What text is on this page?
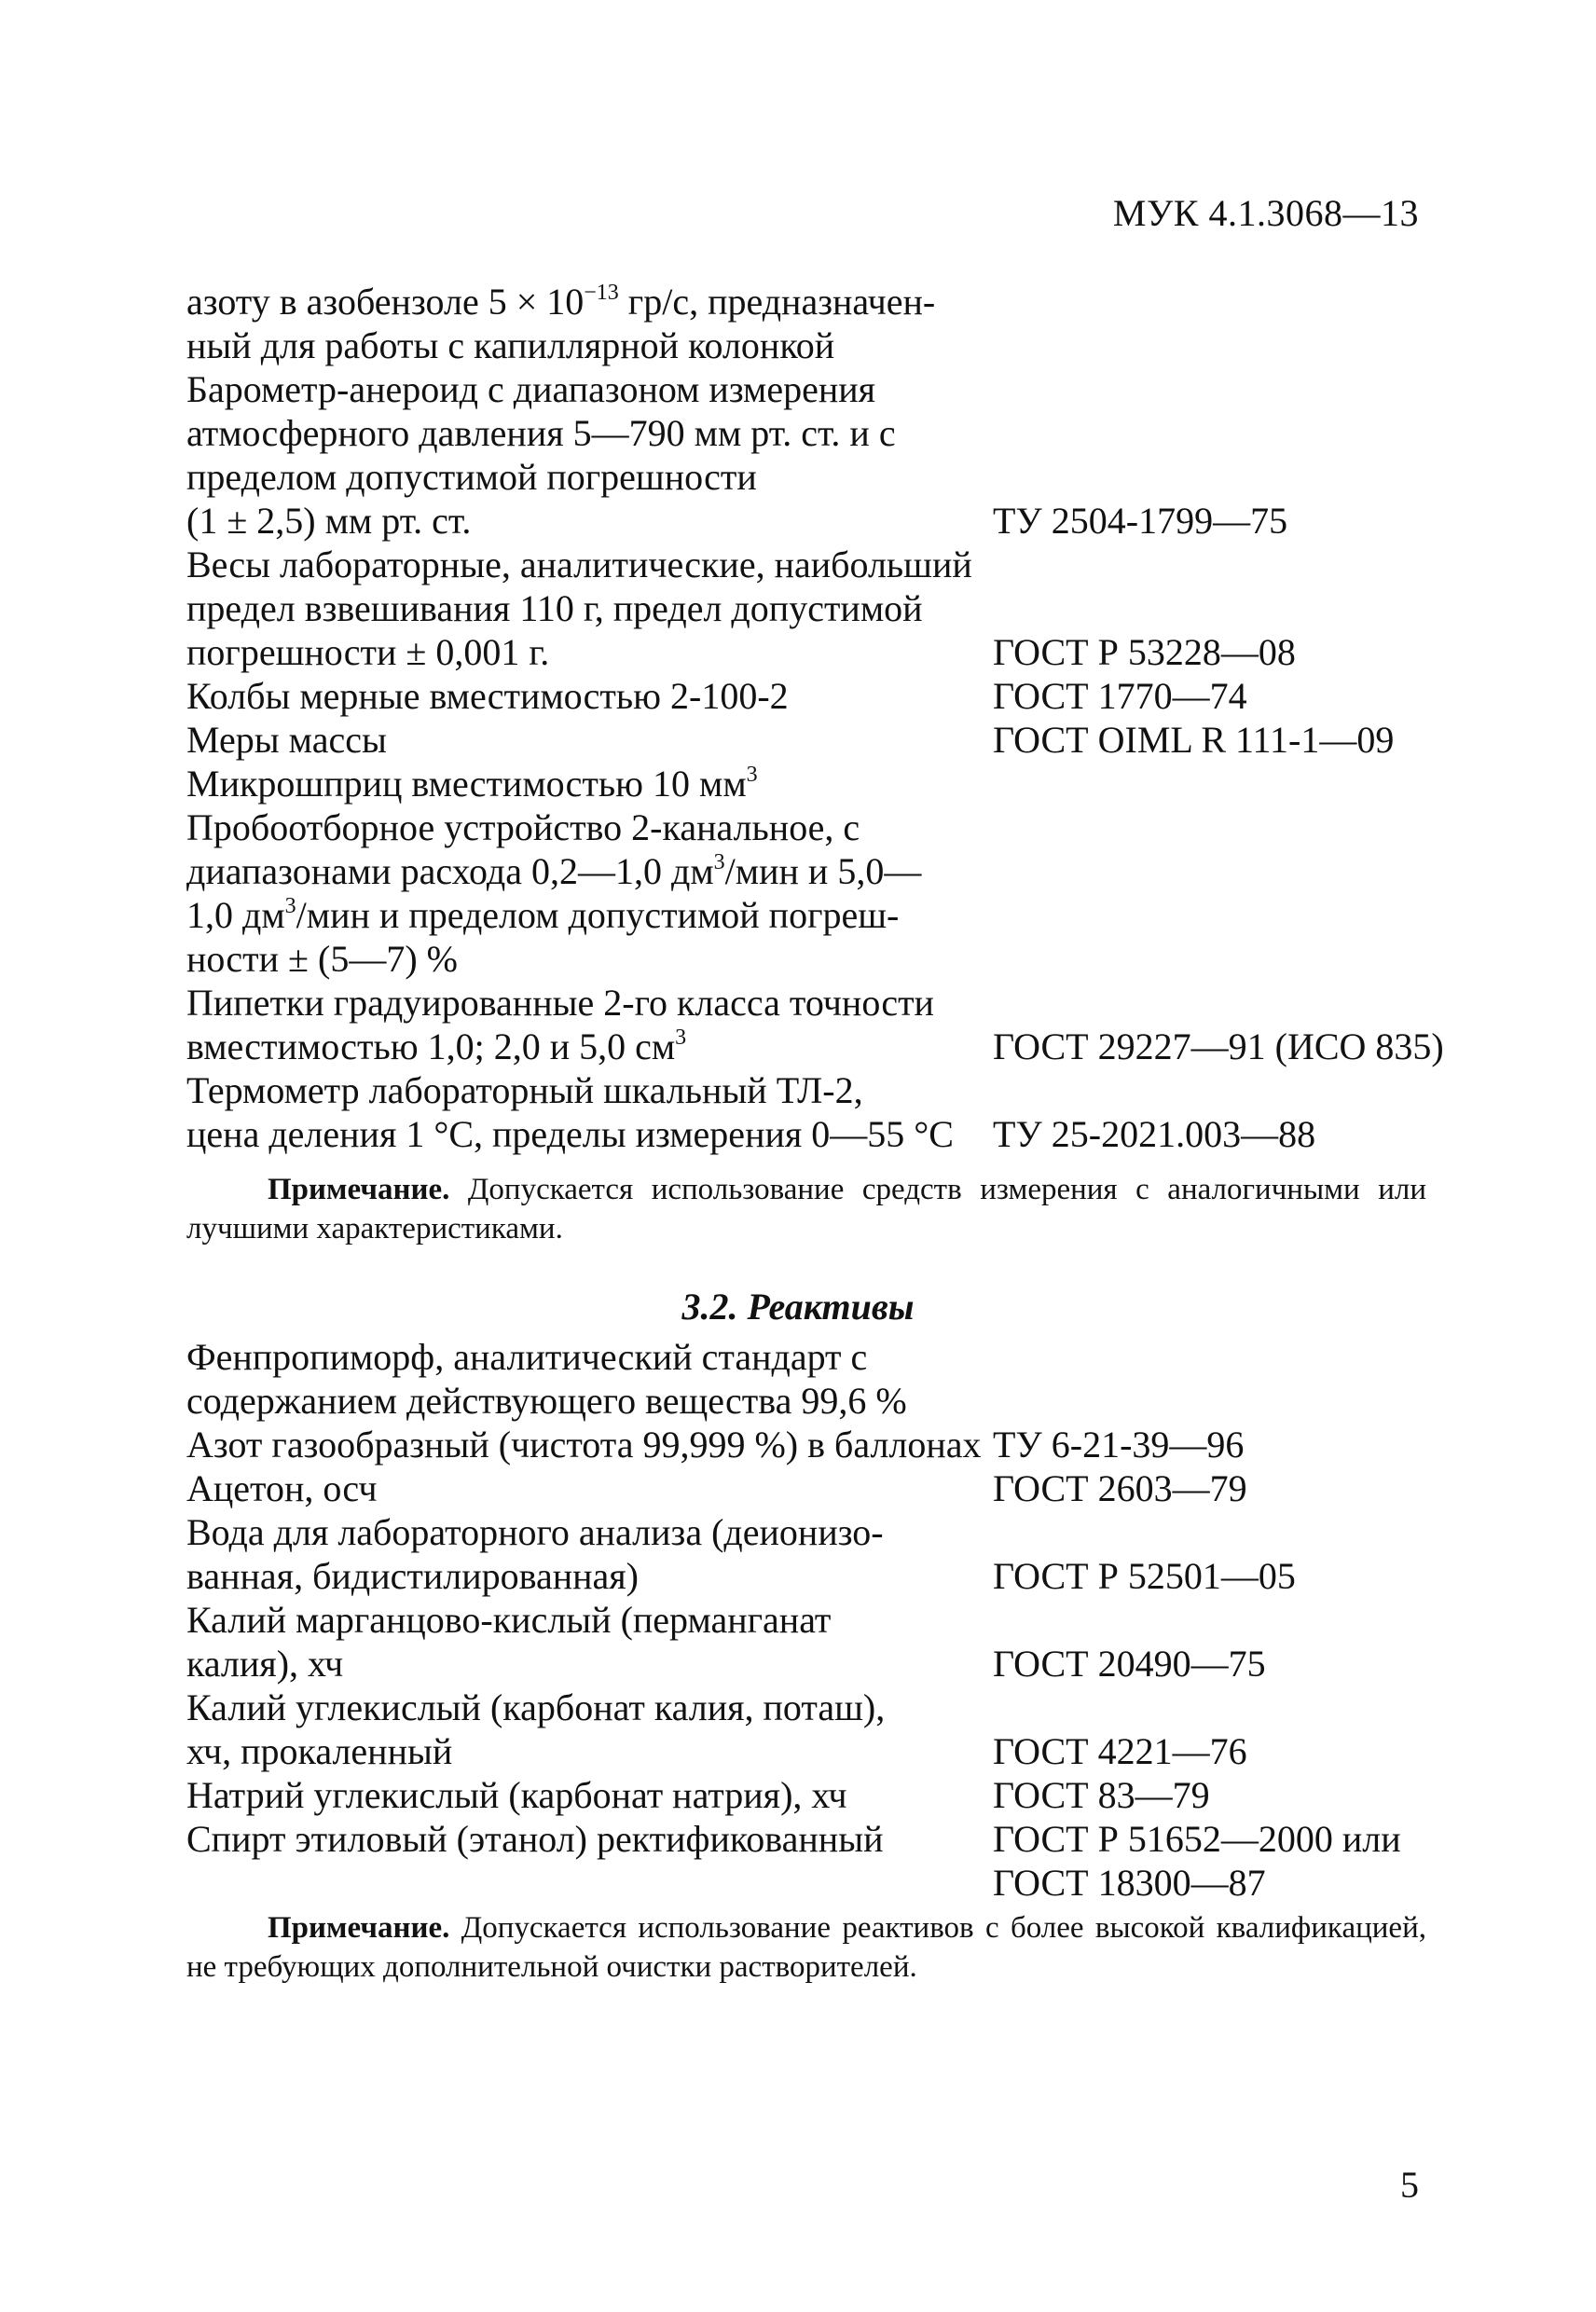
МУК 4.1.3068—13
азоту в азобензоле $5 \times 10^{-13}$ гр/с, предназначен-
ный для работы с капиллярной колонкой
Барометр-анероид с диапазоном измерения
атмосферного давления 5—790 мм рт. ст. и с
пределом допустимой погрешности
(1 ± 2,5) мм рт. ст.	ТУ 2504-1799—75
Весы лабораторные, аналитические, наибольший
предел взвешивания 110 г, предел допустимой
погрешности ± 0,001 г.	ГОСТ Р 53228—08
Колбы мерные вместимостью 2-100-2	ГОСТ 1770—74
Меры массы	ГОСТ OIML R 111-1—09
Микрошприц вместимостью 10 $мм^3$
Пробоотборное устройство 2-канальное, с
диапазонами расхода 0,2—1,0 $дм^3$/мин и 5,0—
1,0 $дм^3$/мин и пределом допустимой погреш-
ности ± (5—7) %
Пипетки градуированные 2-го класса точности
вместимостью 1,0; 2,0 и 5,0 $см^3$	ГОСТ 29227—91 (ИСО 835)
Термометр лабораторный шкальный ТЛ-2,
цена деления 1 °С, пределы измерения 0—55 °С	ТУ 25-2021.003—88
Примечание. Допускается использование средств измерения с аналогичными или лучшими характеристиками.
3.2. Реактивы
Фенпропиморф, аналитический стандарт с
содержанием действующего вещества 99,6 %
Азот газообразный (чистота 99,999 %) в баллонах ТУ 6-21-39—96
Ацетон, осч	ГОСТ 2603—79
Вода для лабораторного анализа (деионизо-
ванная, бидистилированная)	ГОСТ Р 52501—05
Калий марганцово-кислый (перманганат
калия), хч	ГОСТ 20490—75
Калий углекислый (карбонат калия, поташ),
хч, прокаленный	ГОСТ 4221—76
Натрий углекислый (карбонат натрия), хч	ГОСТ 83—79
Спирт этиловый (этанол) ректификованный	ГОСТ Р 51652—2000 или

ГОСТ 18300—87
Примечание. Допускается использование реактивов с более высокой квалификацией, не требующих дополнительной очистки растворителей.
5
